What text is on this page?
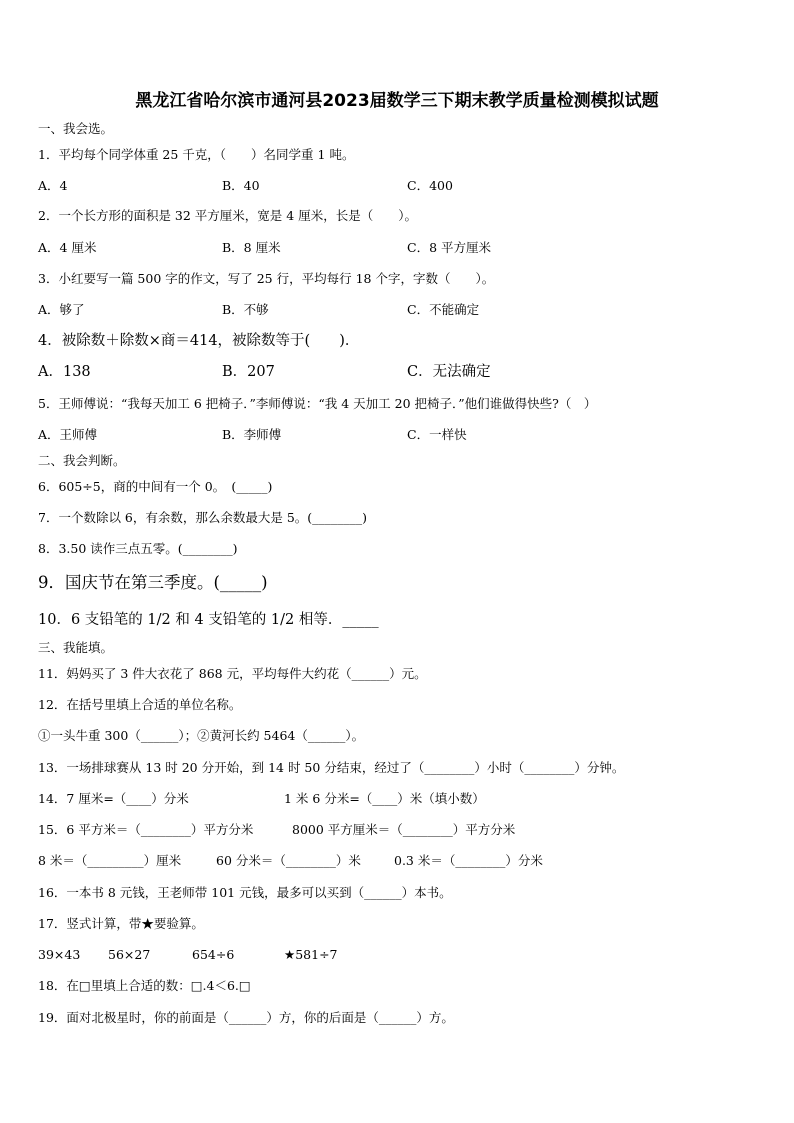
黑龙江省哈尔滨市通河县2023届数学三下期末教学质量检测模拟试题
一、我会选。
1．平均每个同学体重 25 千克，（　　）名同学重 1 吨。
A．4	B．40	C．400
2．一个长方形的面积是 32 平方厘米，宽是 4 厘米，长是（　　）。
A．4 厘米	B．8 厘米	C．8 平方厘米
3．小红要写一篇 500 字的作文，写了 25 行，平均每行 18 个字，字数（　　）。
A．够了	B．不够	C．不能确定
4．被除数＋除数×商＝414，被除数等于(　　)．
A．138	B．207	C．无法确定
5．王师傅说：“我每天加工 6 把椅子．”李师傅说：“我 4 天加工 20 把椅子．”他们谁做得快些?（　）
A．王师傅	B．李师傅	C．一样快
二、我会判断。
6．605÷5，商的中间有一个 0。　(_____)
7．一个数除以 6，有余数，那么余数最大是 5。(________)
8．3.50 读作三点五零。(________)
9．国庆节在第三季度。(_____)
10．6 支铅笔的 1/2 和 4 支铅笔的 1/2 相等．_____
三、我能填。
11．妈妈买了 3 件大衣花了 868 元，平均每件大约花（______）元。
12．在括号里填上合适的单位名称。
①一头牛重 300（______）；②黄河长约 5464（______）。
13．一场排球赛从 13 时 20 分开始，到 14 时 50 分结束，经过了（________）小时（________）分钟。
14．7 厘米=（____）分米	1 米 6 分米=（____）米（填小数）
15．6 平方米＝（________）平方分米	8000 平方厘米＝（________）平方分米
8 米＝（_________）厘米	60 分米＝（________）米	0.3 米＝（________）分米
16．一本书 8 元钱，王老师带 101 元钱，最多可以买到（______）本书。
17．竖式计算，带★要验算。
39×43 56×27	654÷6	★581÷7
18．在□里填上合适的数：□.4＜6.□
19．面对北极星时，你的前面是（______）方，你的后面是（______）方。
